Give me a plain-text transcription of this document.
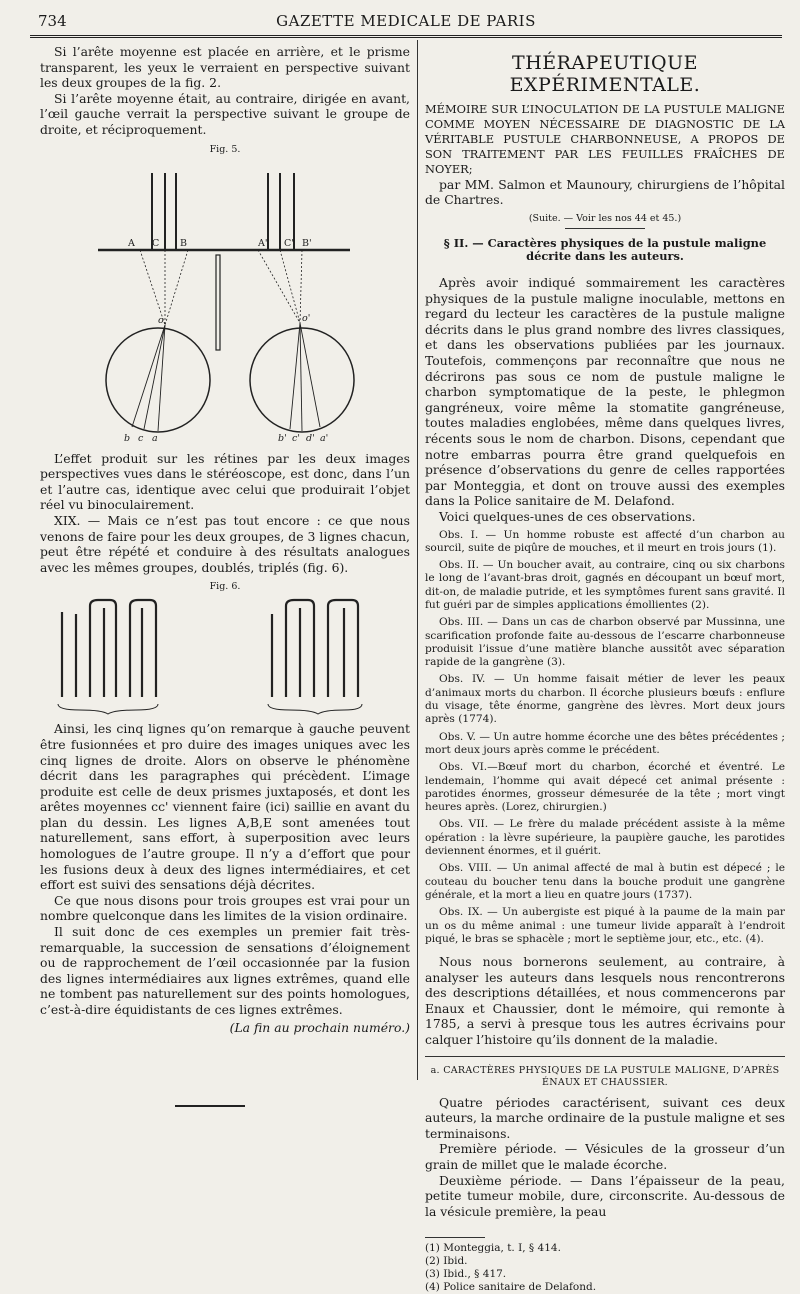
734	GAZETTE MEDICALE DE PARIS

Si l’arête moyenne est placée en arrière, et le prisme transparent, les yeux le verraient en perspective suivant les deux groupes de la fig. 2.

Si l’arête moyenne était, au contraire, dirigée en avant, l’œil gauche verrait la perspective suivant le groupe de droite, et réciproquement.

Fig. 5.

A C B	A' C' B'
o	o'
b c a	b' c' d' a'

L’effet produit sur les rétines par les deux images perspectives vues dans le stéréoscope, est donc, dans l’un et l’autre cas, identique avec celui que produirait l’objet réel vu binoculairement.

XIX. — Mais ce n’est pas tout encore : ce que nous venons de faire pour les deux groupes, de 3 lignes chacun, peut être répété et conduire à des résultats analogues avec les mêmes groupes, doublés, triplés (fig. 6).

Fig. 6.

Ainsi, les cinq lignes qu’on remarque à gauche peuvent être fusionnées et pro duire des images uniques avec les cinq lignes de droite. Alors on observe le phénomène décrit dans les paragraphes qui précèdent. L’image produite est celle de deux prismes juxtaposés, et dont les arêtes moyennes cc' viennent faire (ici) saillie en avant du plan du dessin. Les lignes A,B,E sont amenées tout naturellement, sans effort, à superposition avec leurs homologues de l’autre groupe. Il n’y a d’effort que pour les fusions deux à deux des lignes intermédiaires, et cet effort est suivi des sensations déjà décrites.

Ce que nous disons pour trois groupes est vrai pour un nombre quelconque dans les limites de la vision ordinaire.

Il suit donc de ces exemples un premier fait très-remarquable, la succession de sensations d’éloignement ou de rapprochement de l’œil occasionnée par la fusion des lignes intermédiaires aux lignes extrêmes, quand elle ne tombent pas naturellement sur des points homologues, c’est-à-dire équidistants de ces lignes extrêmes.

(La fin au prochain numéro.)

THÉRAPEUTIQUE EXPÉRIMENTALE.

MÉMOIRE SUR L’INOCULATION DE LA PUSTULE MALIGNE COMME MOYEN NÉCESSAIRE DE DIAGNOSTIC DE LA VÉRITABLE PUSTULE CHARBONNEUSE, A PROPOS DE SON TRAITEMENT PAR LES FEUILLES FRAÎCHES DE NOYER;

par MM. Salmon et Maunoury, chirurgiens de l’hôpital de Chartres.

(Suite. — Voir les nos 44 et 45.)

§ II. — Caractères physiques de la pustule maligne décrite dans les auteurs.

Après avoir indiqué sommairement les caractères physiques de la pustule maligne inoculable, mettons en regard du lecteur les caractères de la pustule maligne décrits dans le plus grand nombre des livres classiques, et dans les observations publiées par les journaux. Toutefois, commençons par reconnaître que nous ne décrirons pas sous ce nom de pustule maligne le charbon symptomatique de la peste, le phlegmon gangréneux, voire même la stomatite gangréneuse, toutes maladies englobées, même dans quelques livres, récents sous le nom de charbon. Disons, cependant que notre embarras pourra être grand quelquefois en présence d’observations du genre de celles rapportées par Monteggia, et dont on trouve aussi des exemples dans la Police sanitaire de M. Delafond.

Voici quelques-unes de ces observations.

Obs. I. — Un homme robuste est affecté d’un charbon au sourcil, suite de piqûre de mouches, et il meurt en trois jours (1).

Obs. II. — Un boucher avait, au contraire, cinq ou six charbons le long de l’avant-bras droit, gagnés en découpant un bœuf mort, dit-on, de maladie putride, et les symptômes furent sans gravité. Il fut guéri par de simples applications émollientes (2).

Obs. III. — Dans un cas de charbon observé par Mussinna, une scarification profonde faite au-dessous de l’escarre charbonneuse produisit l’issue d’une matière blanche aussitôt avec séparation rapide de la gangrène (3).

Obs. IV. — Un homme faisait métier de lever les peaux d’animaux morts du charbon. Il écorche plusieurs bœufs : enflure du visage, tête énorme, gangrène des lèvres. Mort deux jours après (1774).

Obs. V. — Un autre homme écorche une des bêtes précédentes ; mort deux jours après comme le précédent.

Obs. VI.—Bœuf mort du charbon, écorché et éventré. Le lendemain, l’homme qui avait dépecé cet animal présente : parotides énormes, grosseur démesurée de la tête ; mort vingt heures après. (Lorez, chirurgien.)

Obs. VII. — Le frère du malade précédent assiste à la même opération : la lèvre supérieure, la paupière gauche, les parotides deviennent énormes, et il guérit.

Obs. VIII. — Un animal affecté de mal à butin est dépecé ; le couteau du boucher tenu dans la bouche produit une gangrène générale, et la mort a lieu en quatre jours (1737).

Obs. IX. — Un aubergiste est piqué à la paume de la main par un os du même animal : une tumeur livide apparaît à l’endroit piqué, le bras se sphacèle ; mort le septième jour, etc., etc. (4).

Nous nous bornerons seulement, au contraire, à analyser les auteurs dans lesquels nous rencontrerons des descriptions détaillées, et nous commencerons par Enaux et Chaussier, dont le mémoire, qui remonte à 1785, a servi à presque tous les autres écrivains pour calquer l’histoire qu’ils donnent de la maladie.

a. CARACTÈRES PHYSIQUES DE LA PUSTULE MALIGNE, D’APRÈS ÉNAUX ET CHAUSSIER.

Quatre périodes caractérisent, suivant ces deux auteurs, la marche ordinaire de la pustule maligne et ses terminaisons.

Première période. — Vésicules de la grosseur d’un grain de millet que le malade écorche.

Deuxième période. — Dans l’épaisseur de la peau, petite tumeur mobile, dure, circonscrite. Au-dessous de la vésicule première, la peau

(1) Monteggia, t. I, § 414.

(2) Ibid.

(3) Ibid., § 417.

(4) Police sanitaire de Delafond.
